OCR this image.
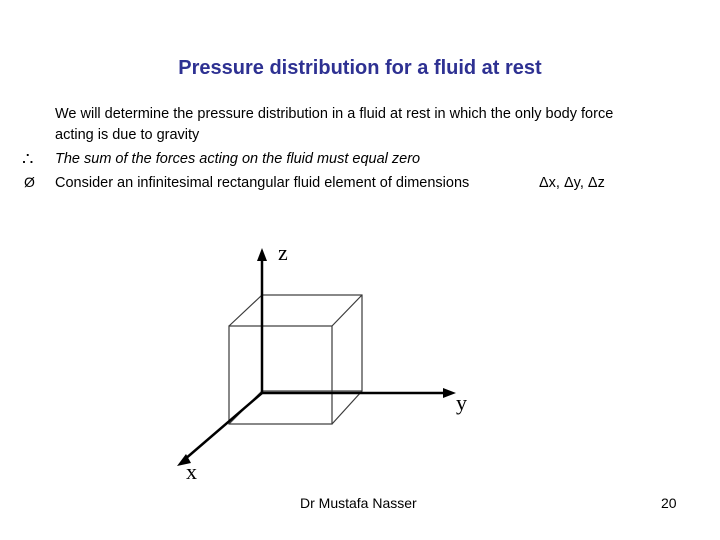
Pressure distribution for a fluid at rest
We will determine the pressure distribution in a fluid at rest in which the only body force
acting is due to gravity
∴ The sum of the forces acting on the fluid must equal zero
Ø Consider an infinitesimal rectangular fluid element of dimensions	Δx, Δy, Δz
z
y
x
Dr Mustafa Nasser	20
